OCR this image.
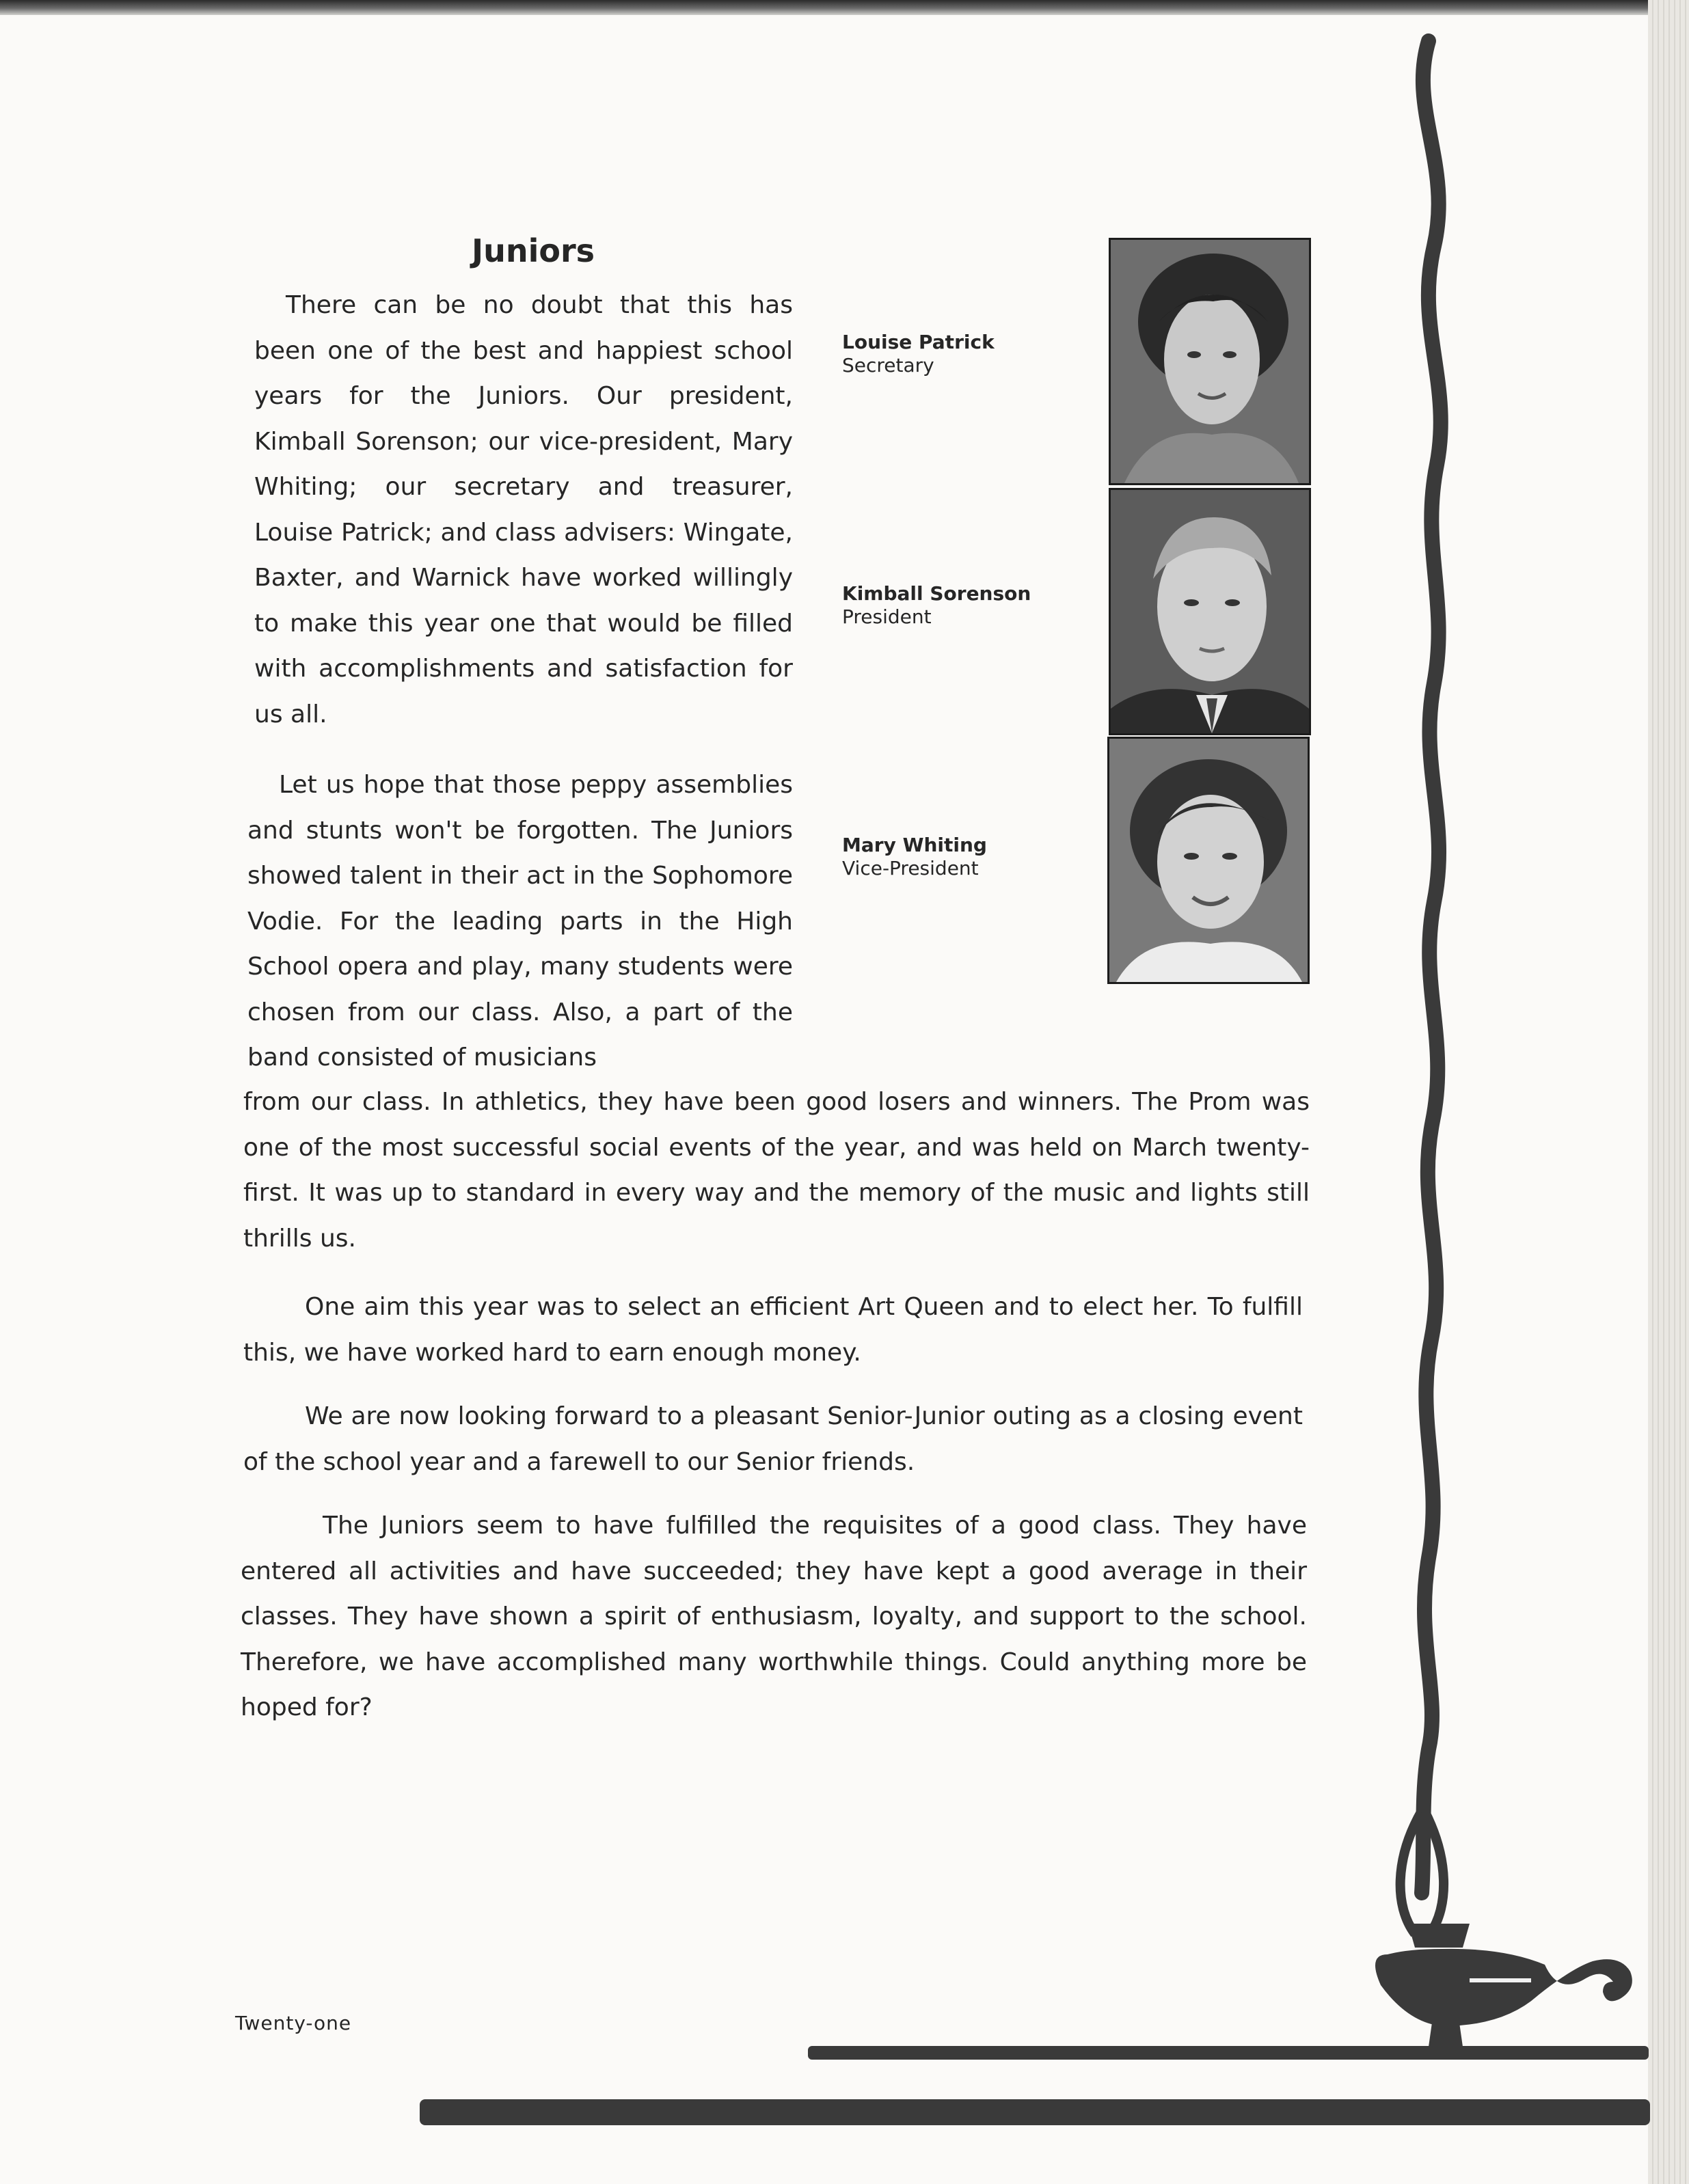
Juniors

There can be no doubt that this has been one of the best and happiest school years for the Juniors. Our president, Kimball Sorenson; our vice-president, Mary Whiting; our secretary and treasurer, Louise Patrick; and class advisers: Wingate, Baxter, and Warnick have worked willingly to make this year one that would be filled with accomplishments and satisfaction for us all.

Let us hope that those peppy assemblies and stunts won't be forgotten. The Juniors showed talent in their act in the Sophomore Vodie. For the leading parts in the High School opera and play, many students were chosen from our class. Also, a part of the band consisted of musicians

from our class. In athletics, they have been good losers and winners. The Prom was one of the most successful social events of the year, and was held on March twenty-first. It was up to standard in every way and the memory of the music and lights still thrills us.

One aim this year was to select an efficient Art Queen and to elect her. To fulfill this, we have worked hard to earn enough money.

We are now looking forward to a pleasant Senior-Junior outing as a closing event of the school year and a farewell to our Senior friends.

The Juniors seem to have fulfilled the requisites of a good class. They have entered all activities and have succeeded; they have kept a good average in their classes. They have shown a spirit of enthusiasm, loyalty, and support to the school. Therefore, we have accomplished many worthwhile things. Could anything more be hoped for?

Louise Patrick
Secretary
Kimball Sorenson
President
Mary Whiting
Vice-President

Twenty-one
